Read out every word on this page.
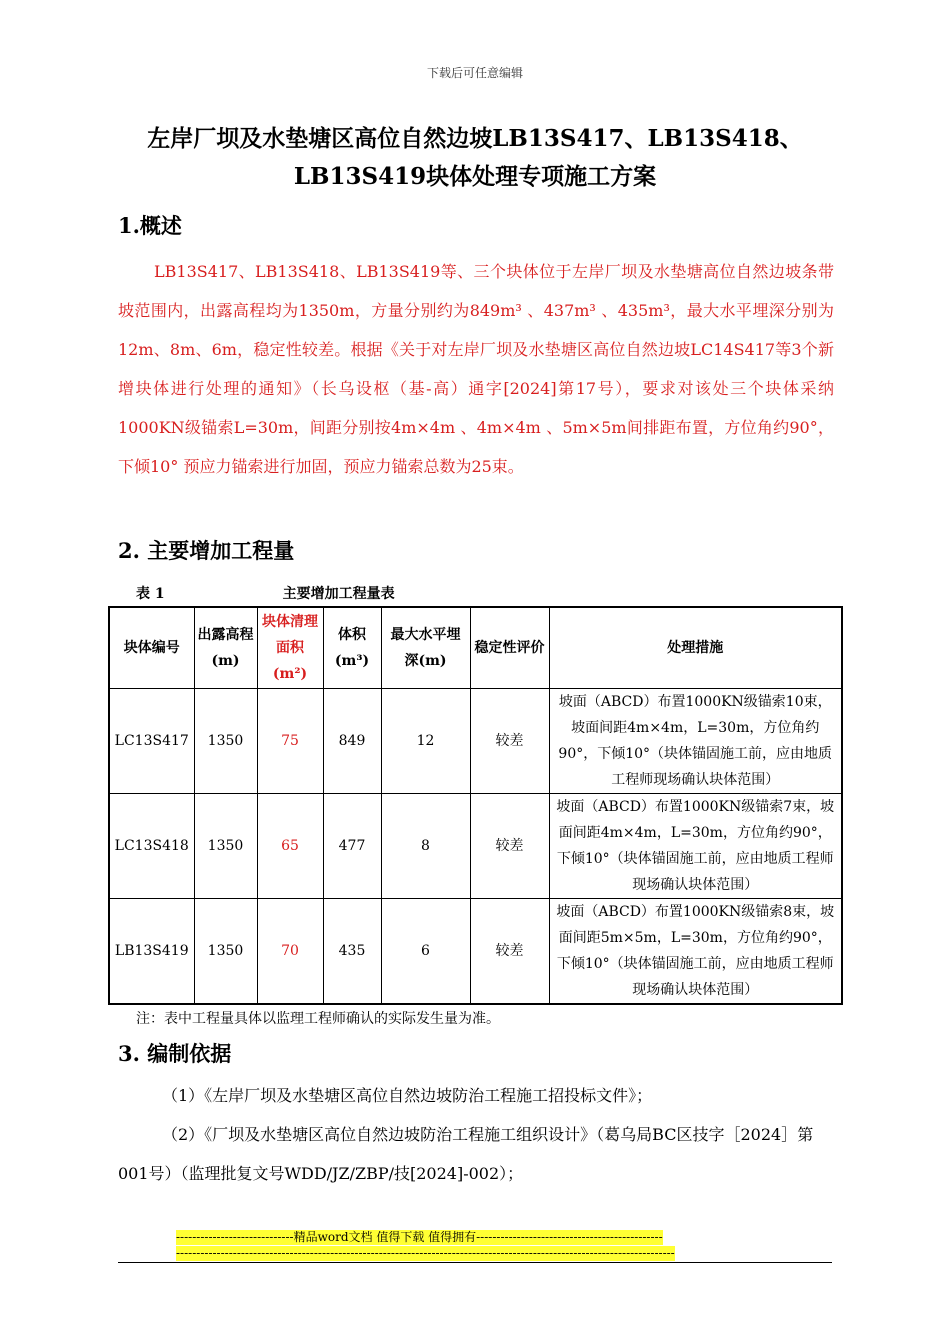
下载后可任意编辑
左岸厂坝及水垫塘区高位自然边坡LB13S417、LB13S418、
LB13S419块体处理专项施工方案
1.概述
LB13S417、LB13S418、LB13S419等、三个块体位于左岸厂坝及水垫塘高位自然边坡条带坡范围内，出露高程均为1350m，方量分别约为849m³ 、437m³ 、435m³，最大水平埋深分别为12m、8m、6m，稳定性较差。根据《关于对左岸厂坝及水垫塘区高位自然边坡LC14S417等3个新增块体进行处理的通知》（长乌设枢（基-高）通字[2024]第17号），要求对该处三个块体采纳1000KN级锚索L=30m，间距分别按4m×4m 、4m×4m 、5m×5m间排距布置，方位角约90°，下倾10° 预应力锚索进行加固，预应力锚索总数为25束。
2. 主要增加工程量
表 1	主要增加工程量表
块体编号	出露高程(m)	块体清理面积(m²)	体积(m³)	最大水平埋深(m)	稳定性评价	处理措施
LC13S417	1350	75	849	12	较差	坡面（ABCD）布置1000KN级锚索10束，坡面间距4m×4m，L=30m，方位角约90°，下倾10°（块体锚固施工前，应由地质工程师现场确认块体范围）
LC13S418	1350	65	477	8	较差	坡面（ABCD）布置1000KN级锚索7束，坡面间距4m×4m，L=30m，方位角约90°，下倾10°（块体锚固施工前，应由地质工程师现场确认块体范围）
LB13S419	1350	70	435	6	较差	坡面（ABCD）布置1000KN级锚索8束，坡面间距5m×5m，L=30m，方位角约90°，下倾10°（块体锚固施工前，应由地质工程师现场确认块体范围）
注：表中工程量具体以监理工程师确认的实际发生量为准。
3. 编制依据
（1）《左岸厂坝及水垫塘区高位自然边坡防治工程施工招投标文件》；
（2）《厂坝及水垫塘区高位自然边坡防治工程施工组织设计》（葛乌局BC区技字［2024］第001号）（监理批复文号WDD/JZ/ZBP/技[2024]-002）；
-----------------------------精品word文档 值得下载 值得拥有----------------------------------------------
---------------------------------------------------------------------------------------------------------------------------
